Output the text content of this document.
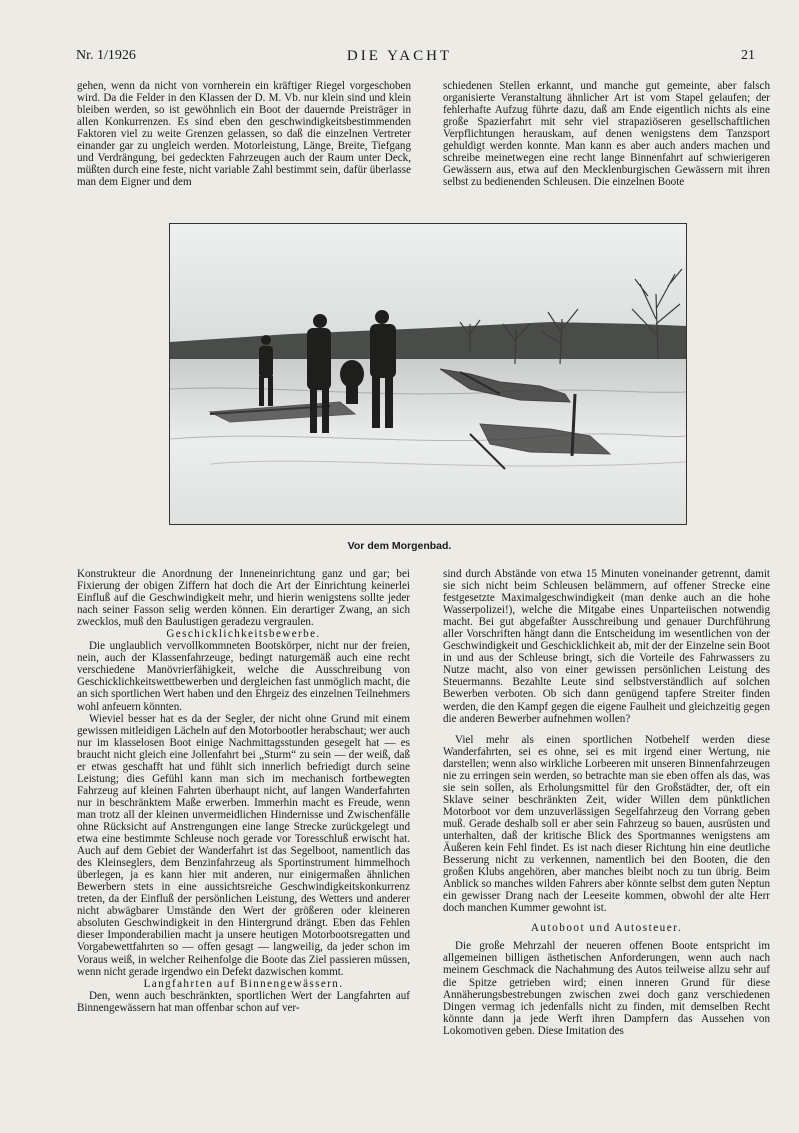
Nr. 1/1926	DIE YACHT	21

gehen, wenn da nicht von vornherein ein kräftiger Riegel vorgeschoben wird. Da die Felder in den Klassen der D. M. Vb. nur klein sind und klein bleiben werden, so ist gewöhnlich ein Boot der dauernde Preisträger in allen Konkurrenzen. Es sind eben den geschwindigkeitsbestimmenden Faktoren viel zu weite Grenzen gelassen, so daß die einzelnen Vertreter einander gar zu ungleich werden. Motorleistung, Länge, Breite, Tiefgang und Verdrängung, bei gedeckten Fahrzeugen auch der Raum unter Deck, müßten durch eine feste, nicht variable Zahl bestimmt sein, dafür überlasse man dem Eigner und dem

schiedenen Stellen erkannt, und manche gut gemeinte, aber falsch organisierte Veranstaltung ähnlicher Art ist vom Stapel gelaufen; der fehlerhafte Aufzug führte dazu, daß am Ende eigentlich nichts als eine große Spazierfahrt mit sehr viel strapaziöseren gesellschaftlichen Verpflichtungen herauskam, auf denen wenigstens dem Tanzsport gehuldigt werden konnte. Man kann es aber auch anders machen und schreibe meinetwegen eine recht lange Binnenfahrt auf schwierigeren Gewässern aus, etwa auf den Mecklenburgischen Gewässern mit ihren selbst zu bedienenden Schleusen. Die einzelnen Boote

Vor dem Morgenbad.

Konstrukteur die Anordnung der Inneneinrichtung ganz und gar; bei Fixierung der obigen Ziffern hat doch die Art der Einrichtung keinerlei Einfluß auf die Geschwindigkeit mehr, und hierin wenigstens sollte jeder nach seiner Fasson selig werden können. Ein derartiger Zwang, an sich zwecklos, muß den Baulustigen geradezu vergraulen.

Geschicklichkeitsbewerbe.

Die unglaublich vervollkommneten Bootskörper, nicht nur der freien, nein, auch der Klassenfahrzeuge, bedingt naturgemäß auch eine recht verschiedene Manövrierfähigkeit, welche die Ausschreibung von Geschicklichkeitswettbewerben und dergleichen fast unmöglich macht, die an sich sportlichen Wert haben und den Ehrgeiz des einzelnen Teilnehmers wohl anfeuern könnten.

Wieviel besser hat es da der Segler, der nicht ohne Grund mit einem gewissen mitleidigen Lächeln auf den Motorbootler herabschaut; wer auch nur im klasselosen Boot einige Nachmittagsstunden gesegelt hat — es braucht nicht gleich eine Jollenfahrt bei „Sturm“ zu sein — der weiß, daß er etwas geschafft hat und fühlt sich innerlich befriedigt durch seine Leistung; dies Gefühl kann man sich im mechanisch fortbewegten Fahrzeug auf kleinen Fahrten überhaupt nicht, auf langen Wanderfahrten nur in beschränktem Maße erwerben. Immerhin macht es Freude, wenn man trotz all der kleinen unvermeidlichen Hindernisse und Zwischenfälle ohne Rücksicht auf Anstrengungen eine lange Strecke zurückgelegt und etwa eine bestimmte Schleuse noch gerade vor Toresschluß erwischt hat. Auch auf dem Gebiet der Wanderfahrt ist das Segelboot, namentlich das des Kleinseglers, dem Benzinfahrzeug als Sportinstrument himmelhoch überlegen, ja es kann hier mit anderen, nur einigermaßen ähnlichen Bewerbern stets in eine aussichtsreiche Geschwindigkeitskonkurrenz treten, da der Einfluß der persönlichen Leistung, des Wetters und anderer nicht abwägbarer Umstände den Wert der größeren oder kleineren absoluten Geschwindigkeit in den Hintergrund drängt. Eben das Fehlen dieser Imponderabilien macht ja unsere heutigen Motorbootsregatten und Vorgabewettfahrten so — offen gesagt — langweilig, da jeder schon im Voraus weiß, in welcher Reihenfolge die Boote das Ziel passieren müssen, wenn nicht gerade irgendwo ein Defekt dazwischen kommt.

Langfahrten auf Binnengewässern.

Den, wenn auch beschränkten, sportlichen Wert der Langfahrten auf Binnengewässern hat man offenbar schon auf ver-

sind durch Abstände von etwa 15 Minuten voneinander getrennt, damit sie sich nicht beim Schleusen belämmern, auf offener Strecke eine festgesetzte Maximalgeschwindigkeit (man denke auch an die hohe Wasserpolizei!), welche die Mitgabe eines Unparteiischen notwendig macht. Bei gut abgefaßter Ausschreibung und genauer Durchführung aller Vorschriften hängt dann die Entscheidung im wesentlichen von der Geschwindigkeit und Geschicklichkeit ab, mit der der Einzelne sein Boot in und aus der Schleuse bringt, sich die Vorteile des Fahrwassers zu Nutze macht, also von einer gewissen persönlichen Leistung des Steuermanns. Bezahlte Leute sind selbstverständlich auf solchen Bewerben verboten. Ob sich dann genügend tapfere Streiter finden werden, die den Kampf gegen die eigene Faulheit und gleichzeitig gegen die anderen Bewerber aufnehmen wollen?

Viel mehr als einen sportlichen Notbehelf werden diese Wanderfahrten, sei es ohne, sei es mit irgend einer Wertung, nie darstellen; wenn also wirkliche Lorbeeren mit unseren Binnenfahrzeugen nie zu erringen sein werden, so betrachte man sie eben offen als das, was sie sein sollen, als Erholungsmittel für den Großstädter, der, oft ein Sklave seiner beschränkten Zeit, wider Willen dem pünktlichen Motorboot vor dem unzuverlässigen Segelfahrzeug den Vorrang geben muß. Gerade deshalb soll er aber sein Fahrzeug so bauen, ausrüsten und unterhalten, daß der kritische Blick des Sportmannes wenigstens am Äußeren kein Fehl findet. Es ist nach dieser Richtung hin eine deutliche Besserung nicht zu verkennen, namentlich bei den Booten, die den großen Klubs angehören, aber manches bleibt noch zu tun übrig. Beim Anblick so manches wilden Fahrers aber könnte selbst dem guten Neptun ein gewisser Drang nach der Leeseite kommen, obwohl der alte Herr doch manchen Kummer gewohnt ist.

Autoboot und Autosteuer.

Die große Mehrzahl der neueren offenen Boote entspricht im allgemeinen billigen ästhetischen Anforderungen, wenn auch nach meinem Geschmack die Nachahmung des Autos teilweise allzu sehr auf die Spitze getrieben wird; einen inneren Grund für diese Annäherungsbestrebungen zwischen zwei doch ganz verschiedenen Dingen vermag ich jedenfalls nicht zu finden, mit demselben Recht könnte dann ja jede Werft ihren Dampfern das Aussehen von Lokomotiven geben. Diese Imitation des
